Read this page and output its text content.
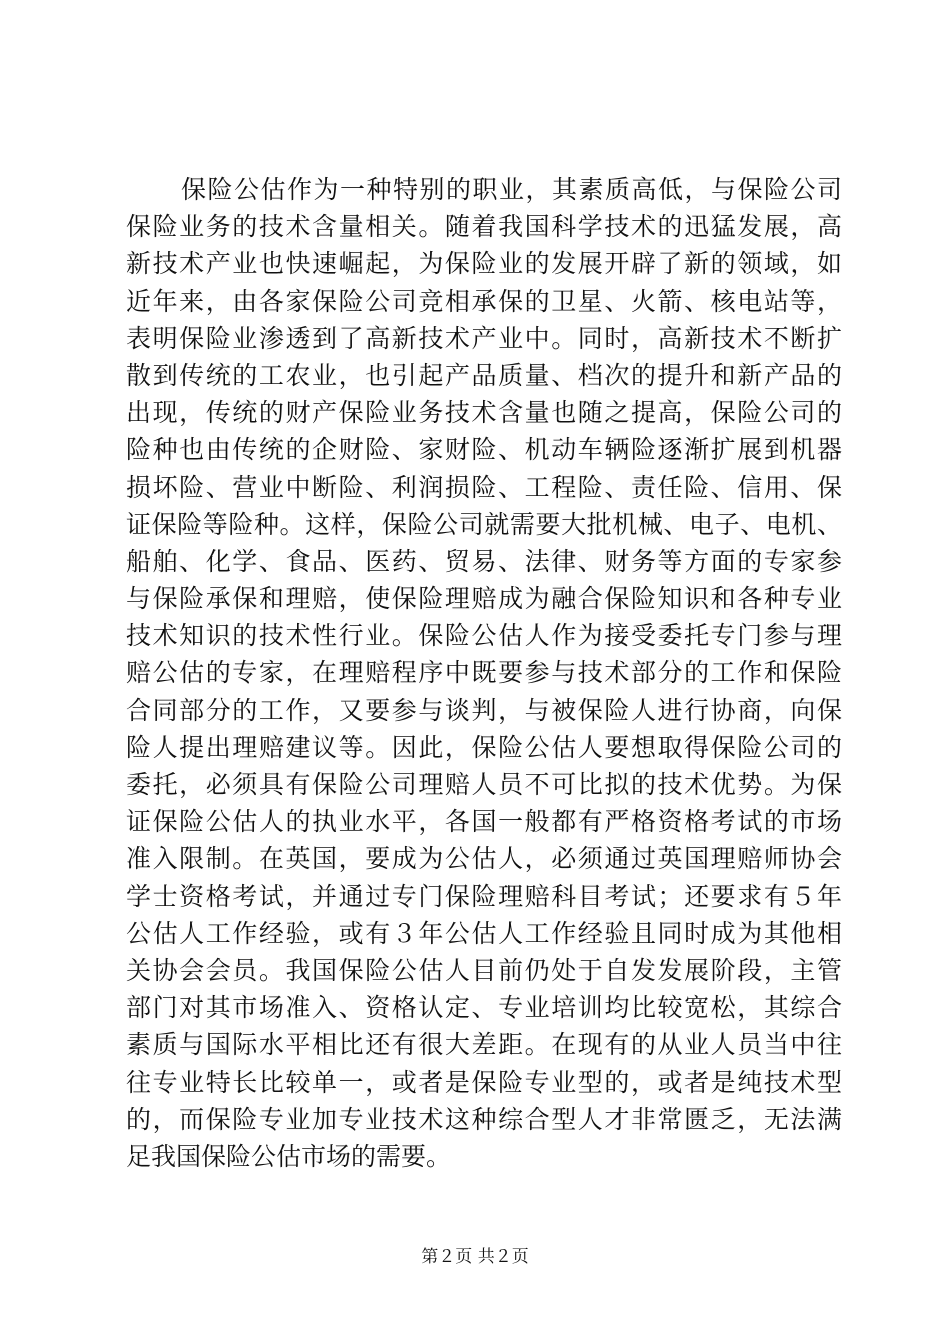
保险公估作为一种特别的职业，其素质高低，与保险公司
保险业务的技术含量相关。随着我国科学技术的迅猛发展，高
新技术产业也快速崛起，为保险业的发展开辟了新的领域，如
近年来，由各家保险公司竞相承保的卫星、火箭、核电站等，
表明保险业渗透到了高新技术产业中。同时，高新技术不断扩
散到传统的工农业，也引起产品质量、档次的提升和新产品的
出现，传统的财产保险业务技术含量也随之提高，保险公司的
险种也由传统的企财险、家财险、机动车辆险逐渐扩展到机器
损坏险、营业中断险、利润损险、工程险、责任险、信用、保
证保险等险种。这样，保险公司就需要大批机械、电子、电机、
船舶、化学、食品、医药、贸易、法律、财务等方面的专家参
与保险承保和理赔，使保险理赔成为融合保险知识和各种专业
技术知识的技术性行业。保险公估人作为接受委托专门参与理
赔公估的专家，在理赔程序中既要参与技术部分的工作和保险
合同部分的工作，又要参与谈判，与被保险人进行协商，向保
险人提出理赔建议等。因此，保险公估人要想取得保险公司的
委托，必须具有保险公司理赔人员不可比拟的技术优势。为保
证保险公估人的执业水平，各国一般都有严格资格考试的市场
准入限制。在英国，要成为公估人，必须通过英国理赔师协会
学士资格考试，并通过专门保险理赔科目考试；还要求有５年
公估人工作经验，或有３年公估人工作经验且同时成为其他相
关协会会员。我国保险公估人目前仍处于自发发展阶段，主管
部门对其市场准入、资格认定、专业培训均比较宽松，其综合
素质与国际水平相比还有很大差距。在现有的从业人员当中往
往专业特长比较单一，或者是保险专业型的，或者是纯技术型
的，而保险专业加专业技术这种综合型人才非常匮乏，无法满
足我国保险公估市场的需要。
第２页 共２页
